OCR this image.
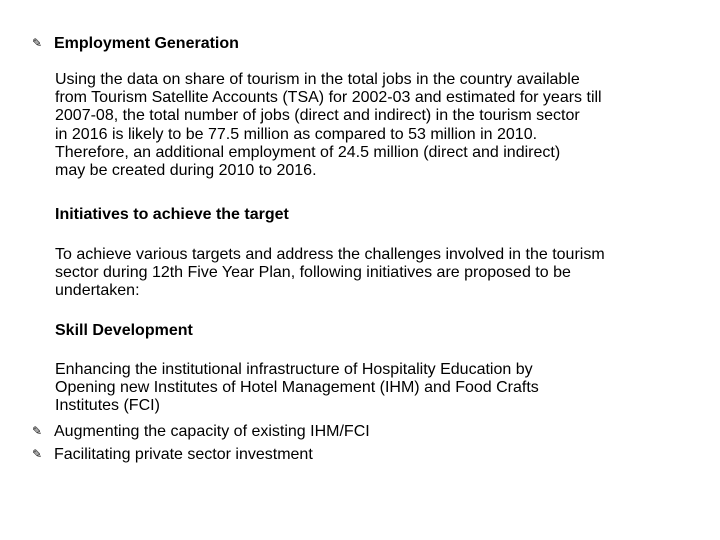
✎ Employment Generation
Using the data on share of tourism in the total jobs in the country available
from Tourism Satellite Accounts (TSA) for 2002-03 and estimated for years till
2007-08, the total number of jobs (direct and indirect) in the tourism sector
in 2016 is likely to be 77.5 million as compared to 53 million in 2010.
Therefore, an additional employment of 24.5 million (direct and indirect)
may be created during 2010 to 2016.
Initiatives to achieve the target
To achieve various targets and address the challenges involved in the tourism
sector during 12th Five Year Plan, following initiatives are proposed to be
undertaken:
Skill Development
Enhancing the institutional infrastructure of Hospitality Education by
Opening new Institutes of Hotel Management (IHM) and Food Crafts
Institutes (FCI)
✎ Augmenting the capacity of existing IHM/FCI
✎ Facilitating private sector investment
